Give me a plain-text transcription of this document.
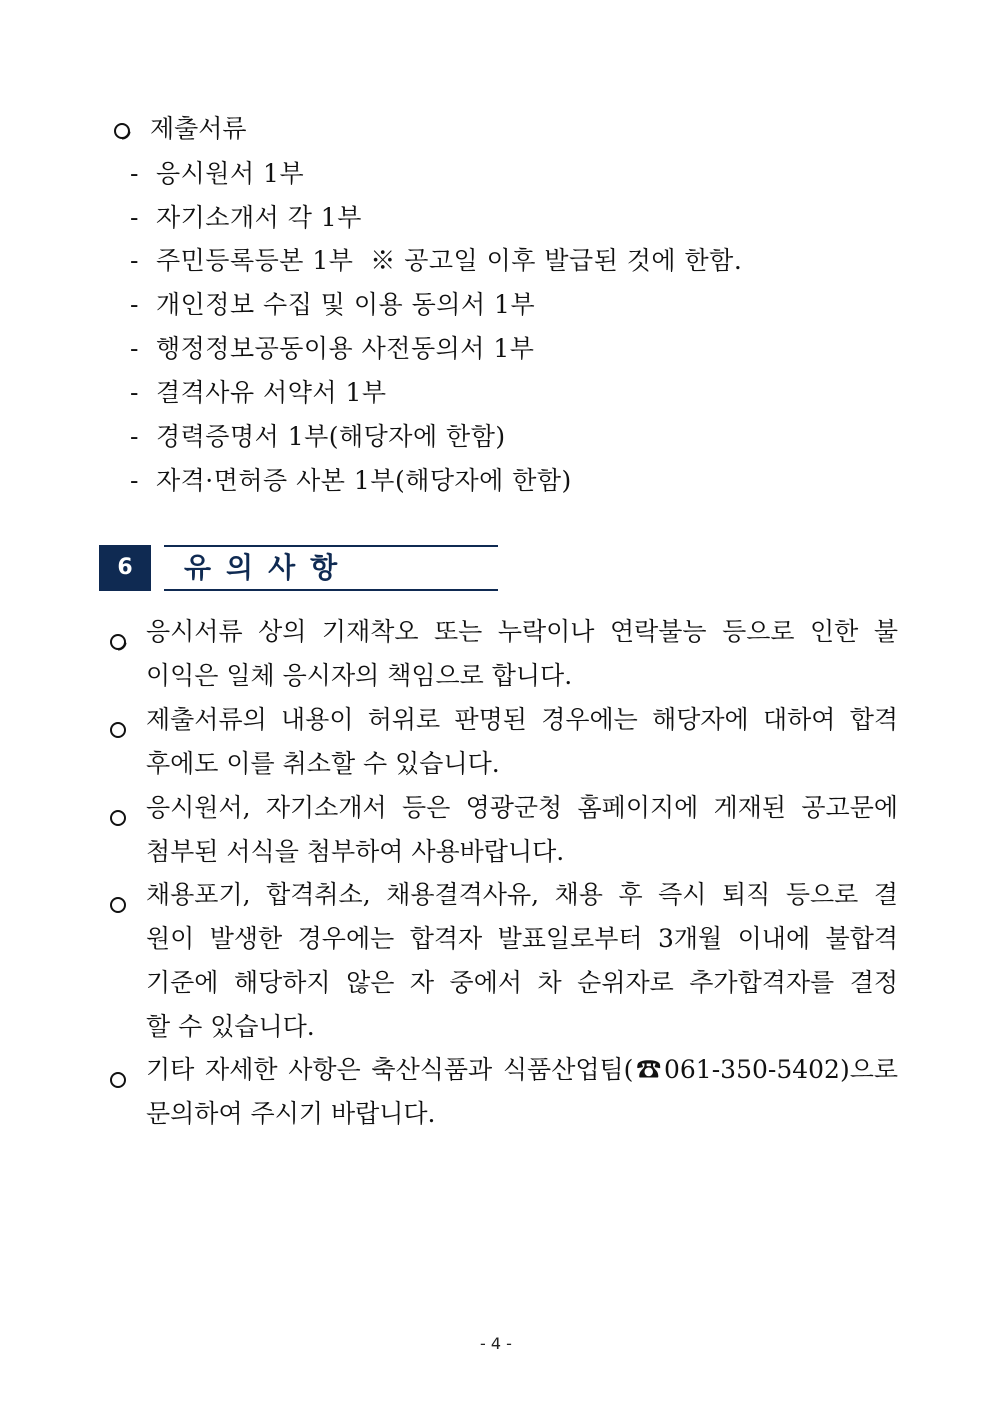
제출서류
- 응시원서 1부
- 자기소개서 각 1부
- 주민등록등본 1부  ※ 공고일 이후 발급된 것에 한함.
- 개인정보 수집 및 이용 동의서 1부
- 행정정보공동이용 사전동의서 1부
- 결격사유 서약서 1부
- 경력증명서 1부(해당자에 한함)
- 자격·면허증 사본 1부(해당자에 한함)
6	유의사항
응시서류 상의 기재착오 또는 누락이나 연락불능 등으로 인한 불
이익은 일체 응시자의 책임으로 합니다.
제출서류의 내용이 허위로 판명된 경우에는 해당자에 대하여 합격
후에도 이를 취소할 수 있습니다.
응시원서, 자기소개서 등은 영광군청 홈페이지에 게재된 공고문에
첨부된 서식을 첨부하여 사용바랍니다.
채용포기, 합격취소, 채용결격사유, 채용 후 즉시 퇴직 등으로 결
원이 발생한 경우에는 합격자 발표일로부터 3개월 이내에 불합격
기준에 해당하지 않은 자 중에서 차 순위자로 추가합격자를 결정
할 수 있습니다.
기타 자세한 사항은 축산식품과 식품산업팀(☎061-350-5402)으로
문의하여 주시기 바랍니다.
- 4 -
